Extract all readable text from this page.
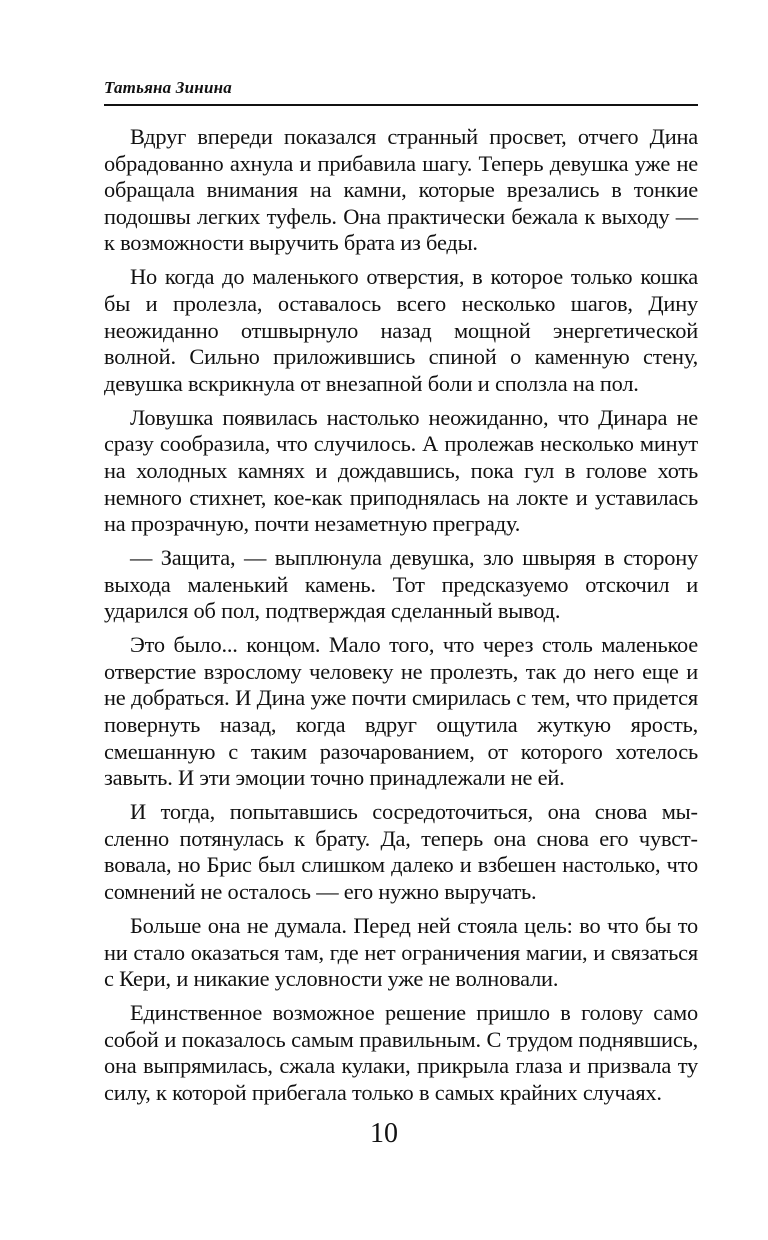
Татьяна Зинина

Вдруг впереди показался странный просвет, отчего Дина обрадованно ахнула и прибавила шагу. Теперь девушка уже не обращала внимания на камни, которые врезались в тонкие подошвы легких туфель. Она практически бежала к выходу — к возможности выручить брата из беды.

Но когда до маленького отверстия, в которое только кошка бы и пролезла, оставалось всего несколько шагов, Дину неожиданно отшвырнуло назад мощной энергетической волной. Сильно приложившись спиной о каменную стену, девушка вскрикнула от внезапной боли и сползла на пол.

Ловушка появилась настолько неожиданно, что Динара не сразу сообразила, что случилось. А пролежав несколько минут на холодных камнях и дождавшись, пока гул в голове хоть немного стихнет, кое-как приподнялась на локте и уставилась на прозрачную, почти незаметную преграду.

— Защита, — выплюнула девушка, зло швыряя в сторону выхода маленький камень. Тот предсказуемо отскочил и ударился об пол, подтверждая сделанный вывод.

Это было... концом. Мало того, что через столь маленькое отверстие взрослому человеку не пролезть, так до него еще и не добраться. И Дина уже почти смирилась с тем, что придется повернуть назад, когда вдруг ощутила жуткую ярость, смешанную с таким разочарованием, от которого хотелось завыть. И эти эмоции точно принадлежали не ей.

И тогда, попытавшись сосредоточиться, она снова мысленно потянулась к брату. Да, теперь она снова его чувствовала, но Брис был слишком далеко и взбешен настолько, что сомнений не осталось — его нужно выручать.

Больше она не думала. Перед ней стояла цель: во что бы то ни стало оказаться там, где нет ограничения магии, и связаться с Кери, и никакие условности уже не волновали.

Единственное возможное решение пришло в голову само собой и показалось самым правильным. С трудом поднявшись, она выпрямилась, сжала кулаки, прикрыла глаза и призвала ту силу, к которой прибегала только в самых крайних случаях.

10
